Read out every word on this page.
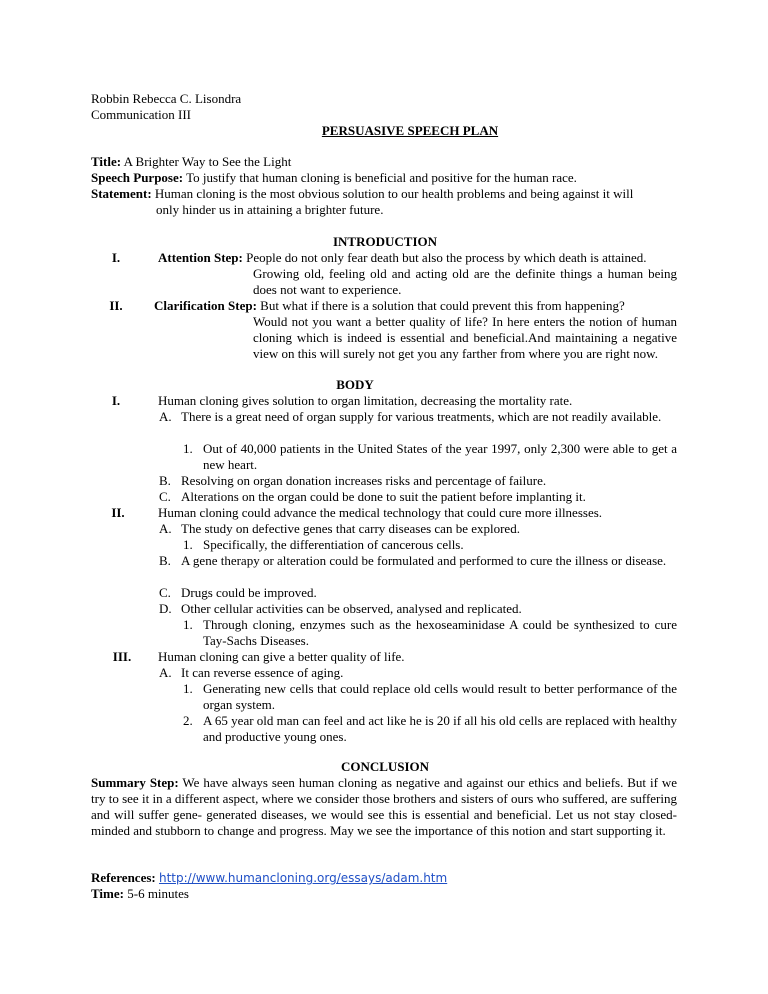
Robbin Rebecca C. Lisondra
Communication III
PERSUASIVE SPEECH PLAN
Title: A Brighter Way to See the Light
Speech Purpose: To justify that human cloning is beneficial and positive for the human race.
Statement: Human cloning is the most obvious solution to our health problems and being against it will
only hinder us in attaining a brighter future.
INTRODUCTION
I.	Attention Step: People do not only fear death but also the process by which death is attained.
Growing old, feeling old and acting old are the definite things a human being does not want to experience.
II.	Clarification Step: But what if there is a solution that could prevent this from happening?
Would not you want a better quality of life? In here enters the notion of human cloning which is indeed is essential and beneficial.And maintaining a negative view on this will surely not get you any farther from where you are right now.
BODY
I.	Human cloning gives solution to organ limitation, decreasing the mortality rate.
A. There is a great need of organ supply for various treatments, which are not readily available.
1. Out of 40,000 patients in the United States of the year 1997, only 2,300 were able to get a new heart.
B. Resolving on organ donation increases risks and percentage of failure.
C. Alterations on the organ could be done to suit the patient before implanting it.
II.	Human cloning could advance the medical technology that could cure more illnesses.
A. The study on defective genes that carry diseases can be explored.
1. Specifically, the differentiation of cancerous cells.
B. A gene therapy or alteration could be formulated and performed to cure the illness or disease.
C. Drugs could be improved.
D. Other cellular activities can be observed, analysed and replicated.
1. Through cloning, enzymes such as the hexoseaminidase A could be synthesized to cure Tay-Sachs Diseases.
III. Human cloning can give a better quality of life.
A. It can reverse essence of aging.
1. Generating new cells that could replace old cells would result to better performance of the organ system.
2. A 65 year old man can feel and act like he is 20 if all his old cells are replaced with healthy and productive young ones.
CONCLUSION
Summary Step: We have always seen human cloning as negative and against our ethics and beliefs. But if we try to see it in a different aspect, where we consider those brothers and sisters of ours who suffered, are suffering and will suffer gene- generated diseases, we would see this is essential and beneficial. Let us not stay closed-minded and stubborn to change and progress. May we see the importance of this notion and start supporting it.
References: http://www.humancloning.org/essays/adam.htm
Time: 5-6 minutes
